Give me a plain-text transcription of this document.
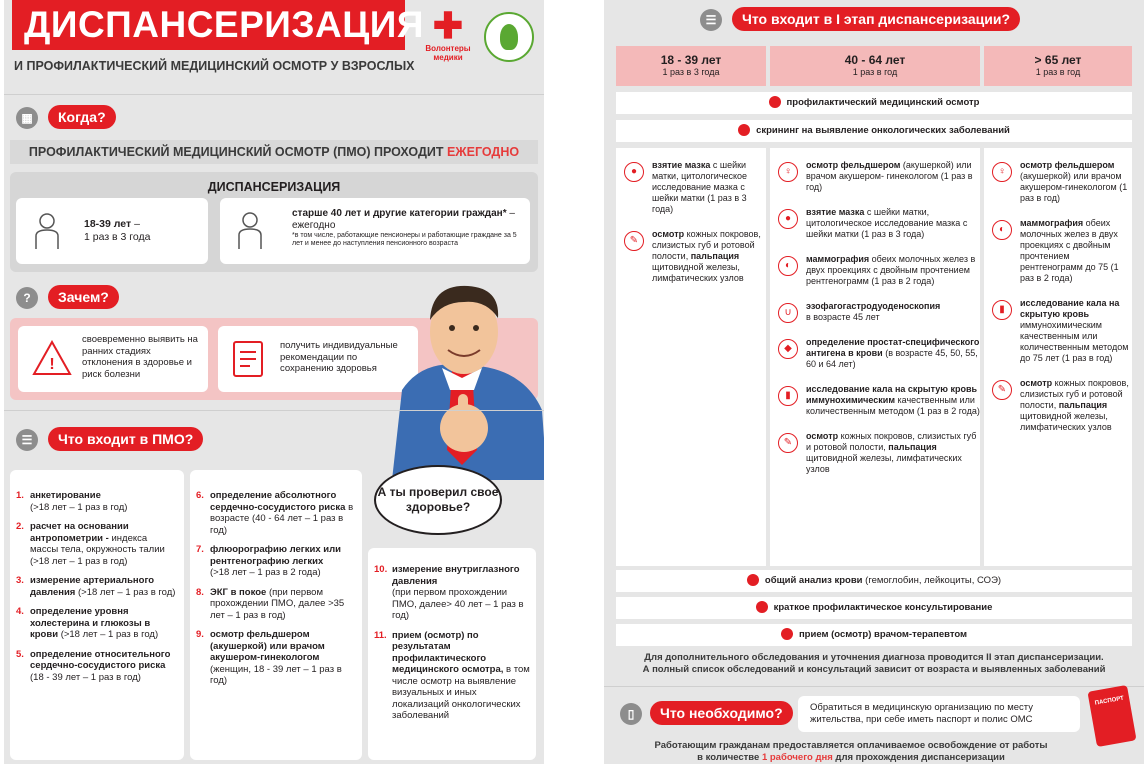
ДИСПАНСЕРИЗАЦИЯ
И ПРОФИЛАКТИЧЕСКИЙ МЕДИЦИНСКИЙ ОСМОТР У ВЗРОСЛЫХ
✚
Волонтеры медики
▦	Когда?
ПРОФИЛАКТИЧЕСКИЙ МЕДИЦИНСКИЙ ОСМОТР (ПМО) ПРОХОДИТ ЕЖЕГОДНО
ДИСПАНСЕРИЗАЦИЯ
18-39 лет –
1 раз в 3 года
старше 40 лет и другие категории граждан* – ежегодно
*в том числе, работающие пенсионеры и работающие граждане за 5 лет и менее до наступления пенсионного возраста
?	Зачем?
!
своевременно выявить на ранних стадиях отклонения в здоровье и риск болезни
получить индивидуальные рекомендации по сохранению здоровья
А ты проверил свое здоровье?
☰	Что входит в ПМО?
1. анкетирование
(>18 лет – 1 раз в год)
2. расчет на основании антропометрии - индекса массы тела, окружность талии (>18 лет – 1 раз в год)
3. измерение артериального давления (>18 лет – 1 раз в год)
4. определение уровня холестерина и глюкозы в крови (>18 лет – 1 раз в год)
5. определение относительного сердечно-сосудистого риска
(18 - 39 лет – 1 раз в год)
6. определение абсолютного сердечно-сосудистого риска в возрасте (40 - 64 лет – 1 раз в год)
7. флюорографию легких или рентгенографию легких
(>18 лет – 1 раз в 2 года)
8. ЭКГ в покое (при первом прохождении ПМО, далее >35 лет – 1 раз в год)
9. осмотр фельдшером (акушеркой) или врачом акушером-гинекологом
(женщин, 18 - 39 лет – 1 раз в год)
10. измерение внутриглазного давления
(при первом прохождении ПМО, далее> 40 лет – 1 раз в год)
11. прием (осмотр) по результатам профилактического медицинского осмотра, в том числе осмотр на выявление визуальных и иных локализаций онкологических заболеваний
☰	Что входит в I этап диспансеризации?
18 - 39 лет
1 раз в 3 года
40 - 64 лет
1 раз в год
> 65 лет
1 раз в год
профилактический медицинский осмотр
скрининг на выявление онкологических заболеваний
●
взятие мазка с шейки матки, цитологическое исследование мазка с шейки матки (1 раз в 3 года)
✎
осмотр кожных покровов, слизистых губ и ротовой полости, пальпация щитовидной железы, лимфатических узлов
♀
осмотр фельдшером (акушеркой) или врачом акушером- гинекологом (1 раз в год)
●
взятие мазка с шейки матки, цитологическое исследование мазка с шейки матки (1 раз в 3 года)
◐
маммография обеих молочных желез в двух проекциях с двойным прочтением рентгенограмм (1 раз в 2 года)
∪
эзофагогастродуоденоскопия
в возрасте 45 лет
◆
определение простат-специфического антигена в крови (в возрасте 45, 50, 55, 60 и 64 лет)
▮
исследование кала на скрытую кровь иммунохимическим качественным или количественным методом (1 раз в 2 года)
✎
осмотр кожных покровов, слизистых губ и ротовой полости, пальпация щитовидной железы, лимфатических узлов
♀
осмотр фельдшером (акушеркой) или врачом акушером-гинекологом (1 раз в год)
◐
маммография обеих молочных желез в двух проекциях с двойным прочтением рентгенограмм до 75 (1 раз в 2 года)
▮
исследование кала на скрытую кровь иммунохимическим качественным или количественным методом до 75 лет (1 раз в год)
✎
осмотр кожных покровов, слизистых губ и ротовой полости, пальпация щитовидной железы, лимфатических узлов
общий анализ крови (гемоглобин, лейкоциты, СОЭ)
краткое профилактическое консультирование
прием (осмотр) врачом-терапевтом
Для дополнительного обследования и уточнения диагноза проводится II этап диспансеризации.
А полный список обследований и консультаций зависит от возраста и выявленных заболеваний
▯	Что необходимо?	Обратиться в медицинскую организацию по месту жительства, при себе иметь паспорт и полис ОМС
ПАСПОРТ
Работающим гражданам предоставляется оплачиваемое освобождение от работы
в количестве 1 рабочего дня для прохождения диспансеризации
